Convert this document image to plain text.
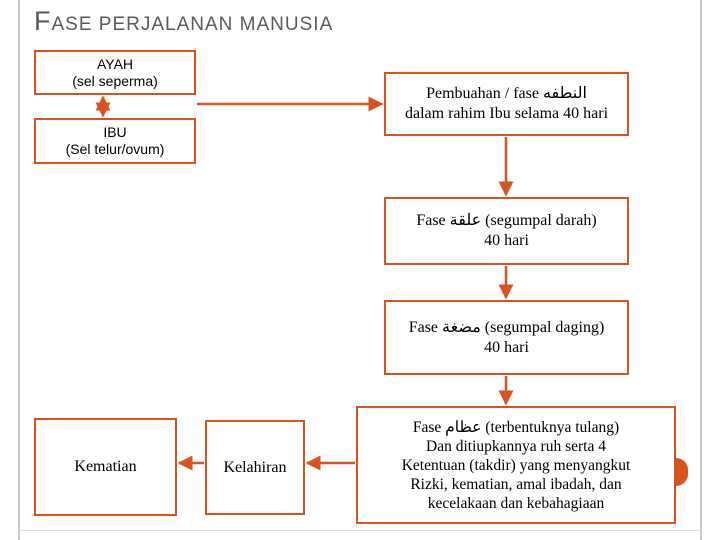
FASE PERJALANAN MANUSIA
AYAH
(sel seperma)
IBU
(Sel telur/ovum)
Pembuahan / fase النطفه
dalam rahim Ibu selama 40 hari
Fase علقة (segumpal darah)
40 hari
Fase مضغة (segumpal daging)
40 hari
Fase عظام (terbentuknya tulang)
Dan ditiupkannya ruh serta 4
Ketentuan (takdir) yang menyangkut
Rizki, kematian, amal ibadah, dan
kecelakaan dan kebahagiaan
Kelahiran
Kematian
